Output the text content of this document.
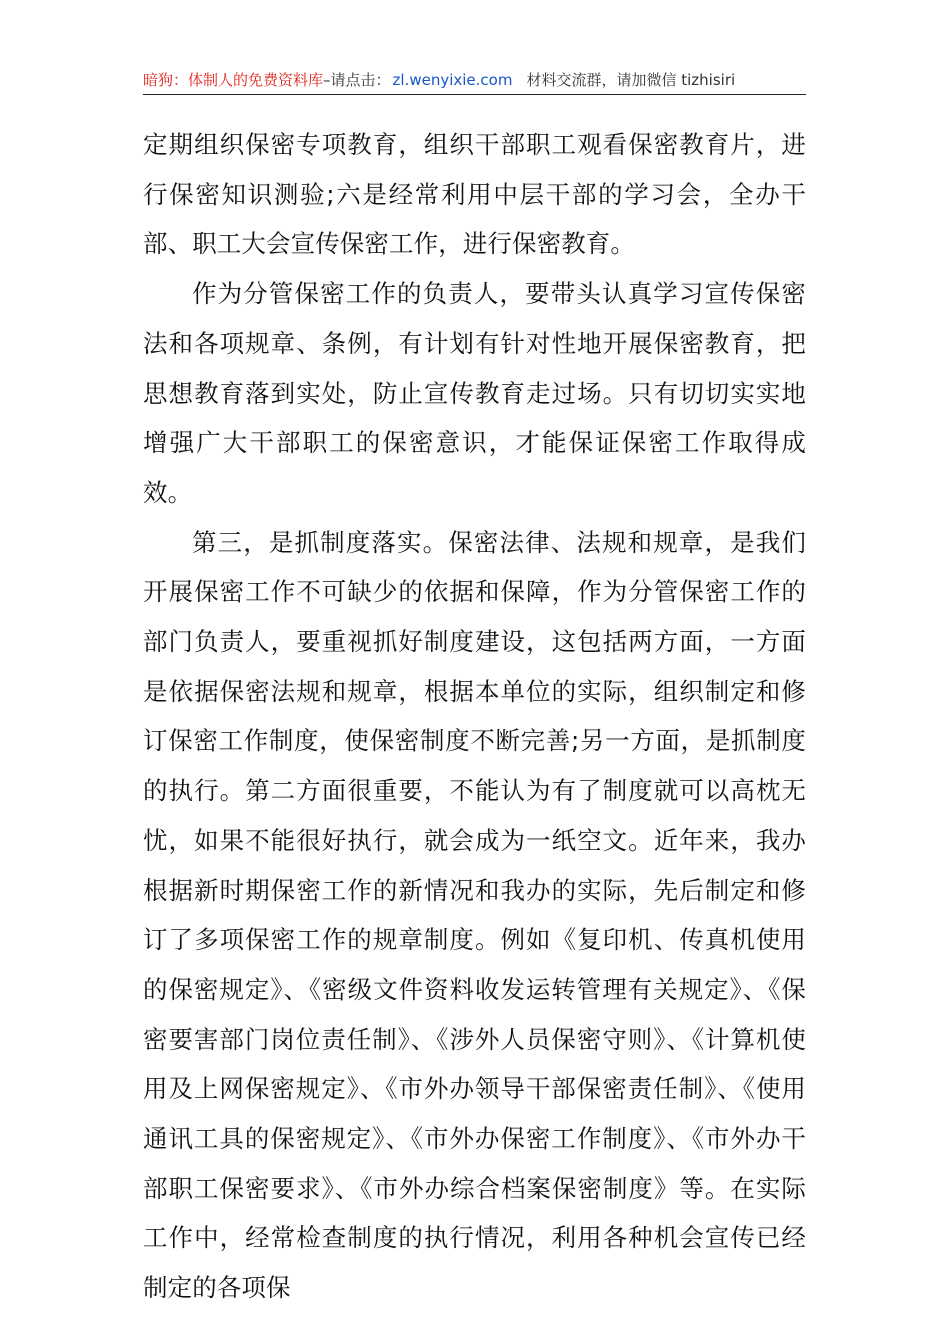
暗狗：体制人的免费资料库–请点击： zl.wenyixie.com 材料交流群，请加微信 tizhisiri

定期组织保密专项教育，组织干部职工观看保密教育片，进行保密知识测验;六是经常利用中层干部的学习会，全办干部、职工大会宣传保密工作，进行保密教育。

作为分管保密工作的负责人，要带头认真学习宣传保密法和各项规章、条例，有计划有针对性地开展保密教育，把思想教育落到实处，防止宣传教育走过场。只有切切实实地增强广大干部职工的保密意识，才能保证保密工作取得成效。

第三，是抓制度落实。保密法律、法规和规章，是我们开展保密工作不可缺少的依据和保障，作为分管保密工作的部门负责人，要重视抓好制度建设，这包括两方面，一方面是依据保密法规和规章，根据本单位的实际，组织制定和修订保密工作制度，使保密制度不断完善;另一方面，是抓制度的执行。第二方面很重要，不能认为有了制度就可以高枕无忧，如果不能很好执行，就会成为一纸空文。近年来，我办根据新时期保密工作的新情况和我办的实际，先后制定和修订了多项保密工作的规章制度。例如《复印机、传真机使用的保密规定》、《密级文件资料收发运转管理有关规定》、《保密要害部门岗位责任制》、《涉外人员保密守则》、《计算机使用及上网保密规定》、《市外办领导干部保密责任制》、《使用通讯工具的保密规定》、《市外办保密工作制度》、《市外办干部职工保密要求》、《市外办综合档案保密制度》等。在实际工作中，经常检查制度的执行情况，利用各种机会宣传已经制定的各项保
